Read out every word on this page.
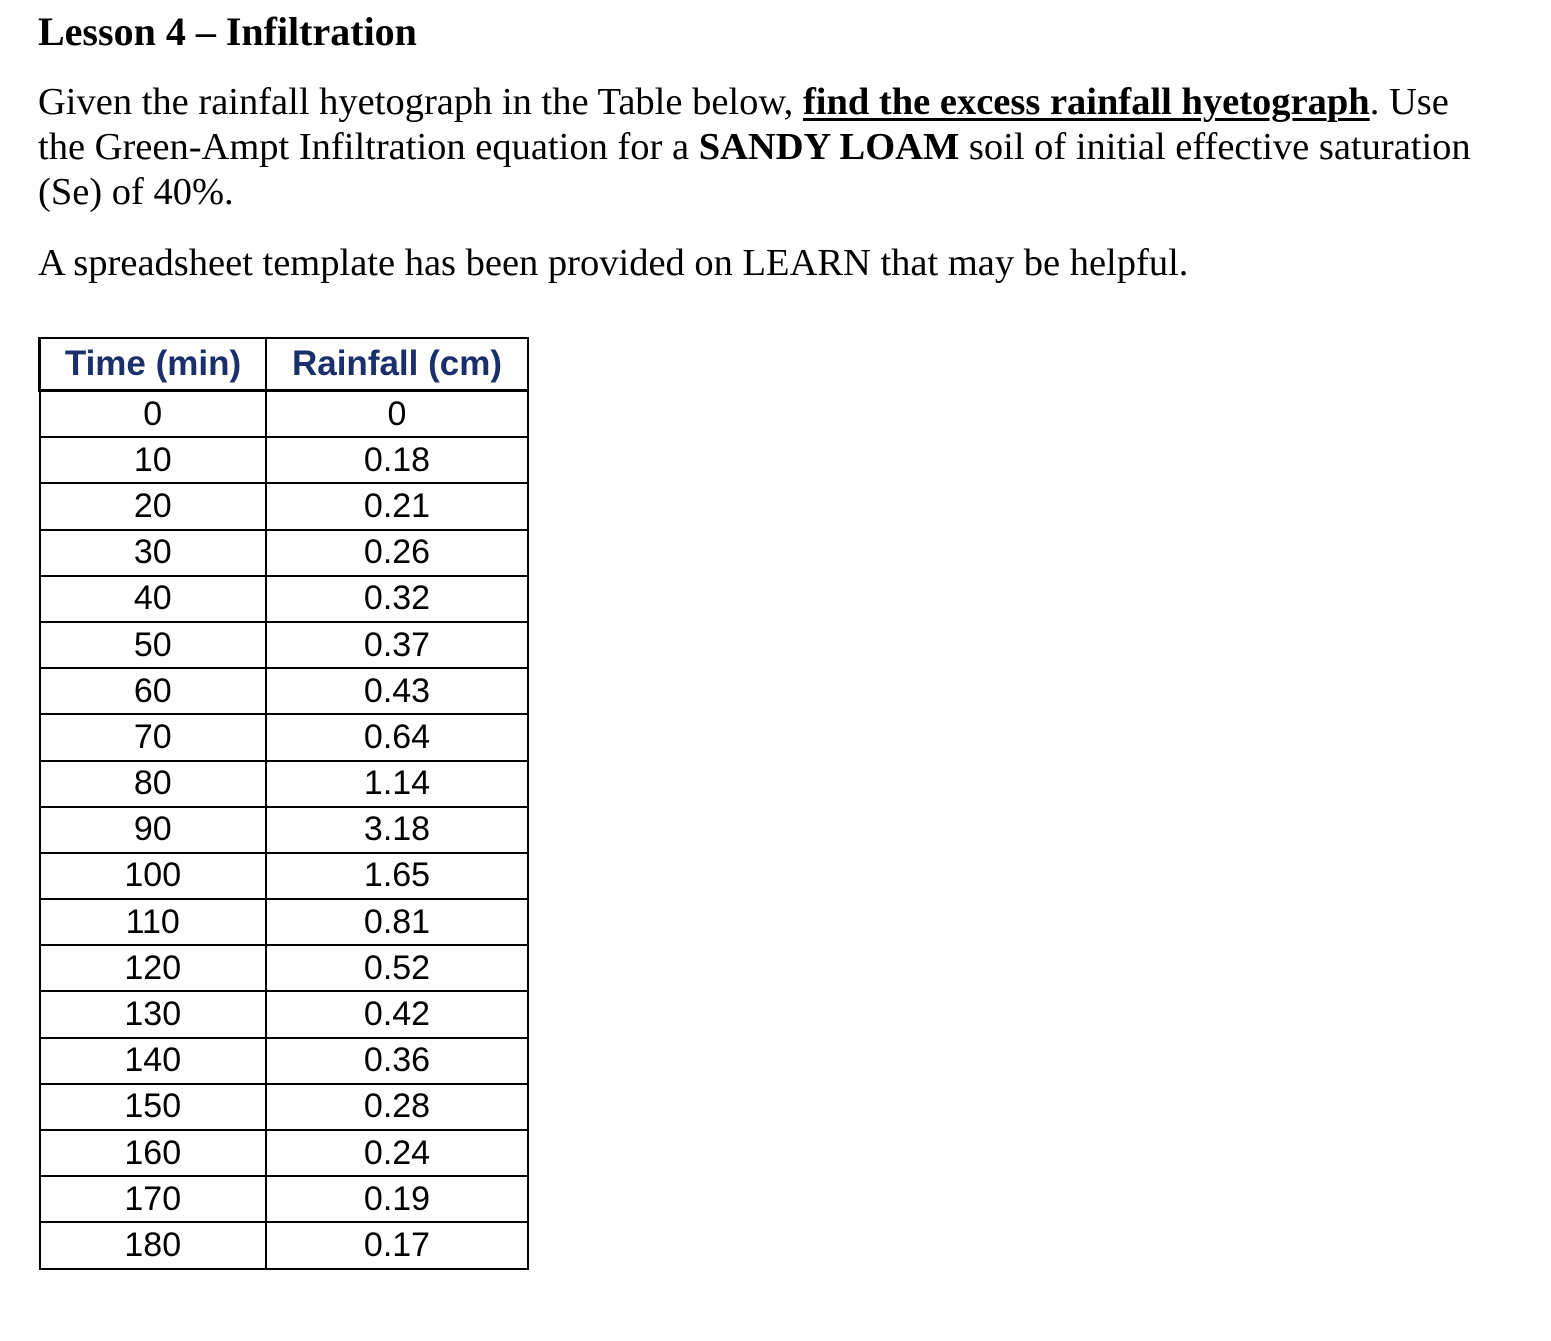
Lesson 4 – Infiltration

Given the rainfall hyetograph in the Table below, find the excess rainfall hyetograph. Use
the Green-Ampt Infiltration equation for a SANDY LOAM soil of initial effective saturation
(Se) of 40%.

A spreadsheet template has been provided on LEARN that may be helpful.

Time (min)	Rainfall (cm)
0	0
10	0.18
20	0.21
30	0.26
40	0.32
50	0.37
60	0.43
70	0.64
80	1.14
90	3.18
100	1.65
110	0.81
120	0.52
130	0.42
140	0.36
150	0.28
160	0.24
170	0.19
180	0.17
